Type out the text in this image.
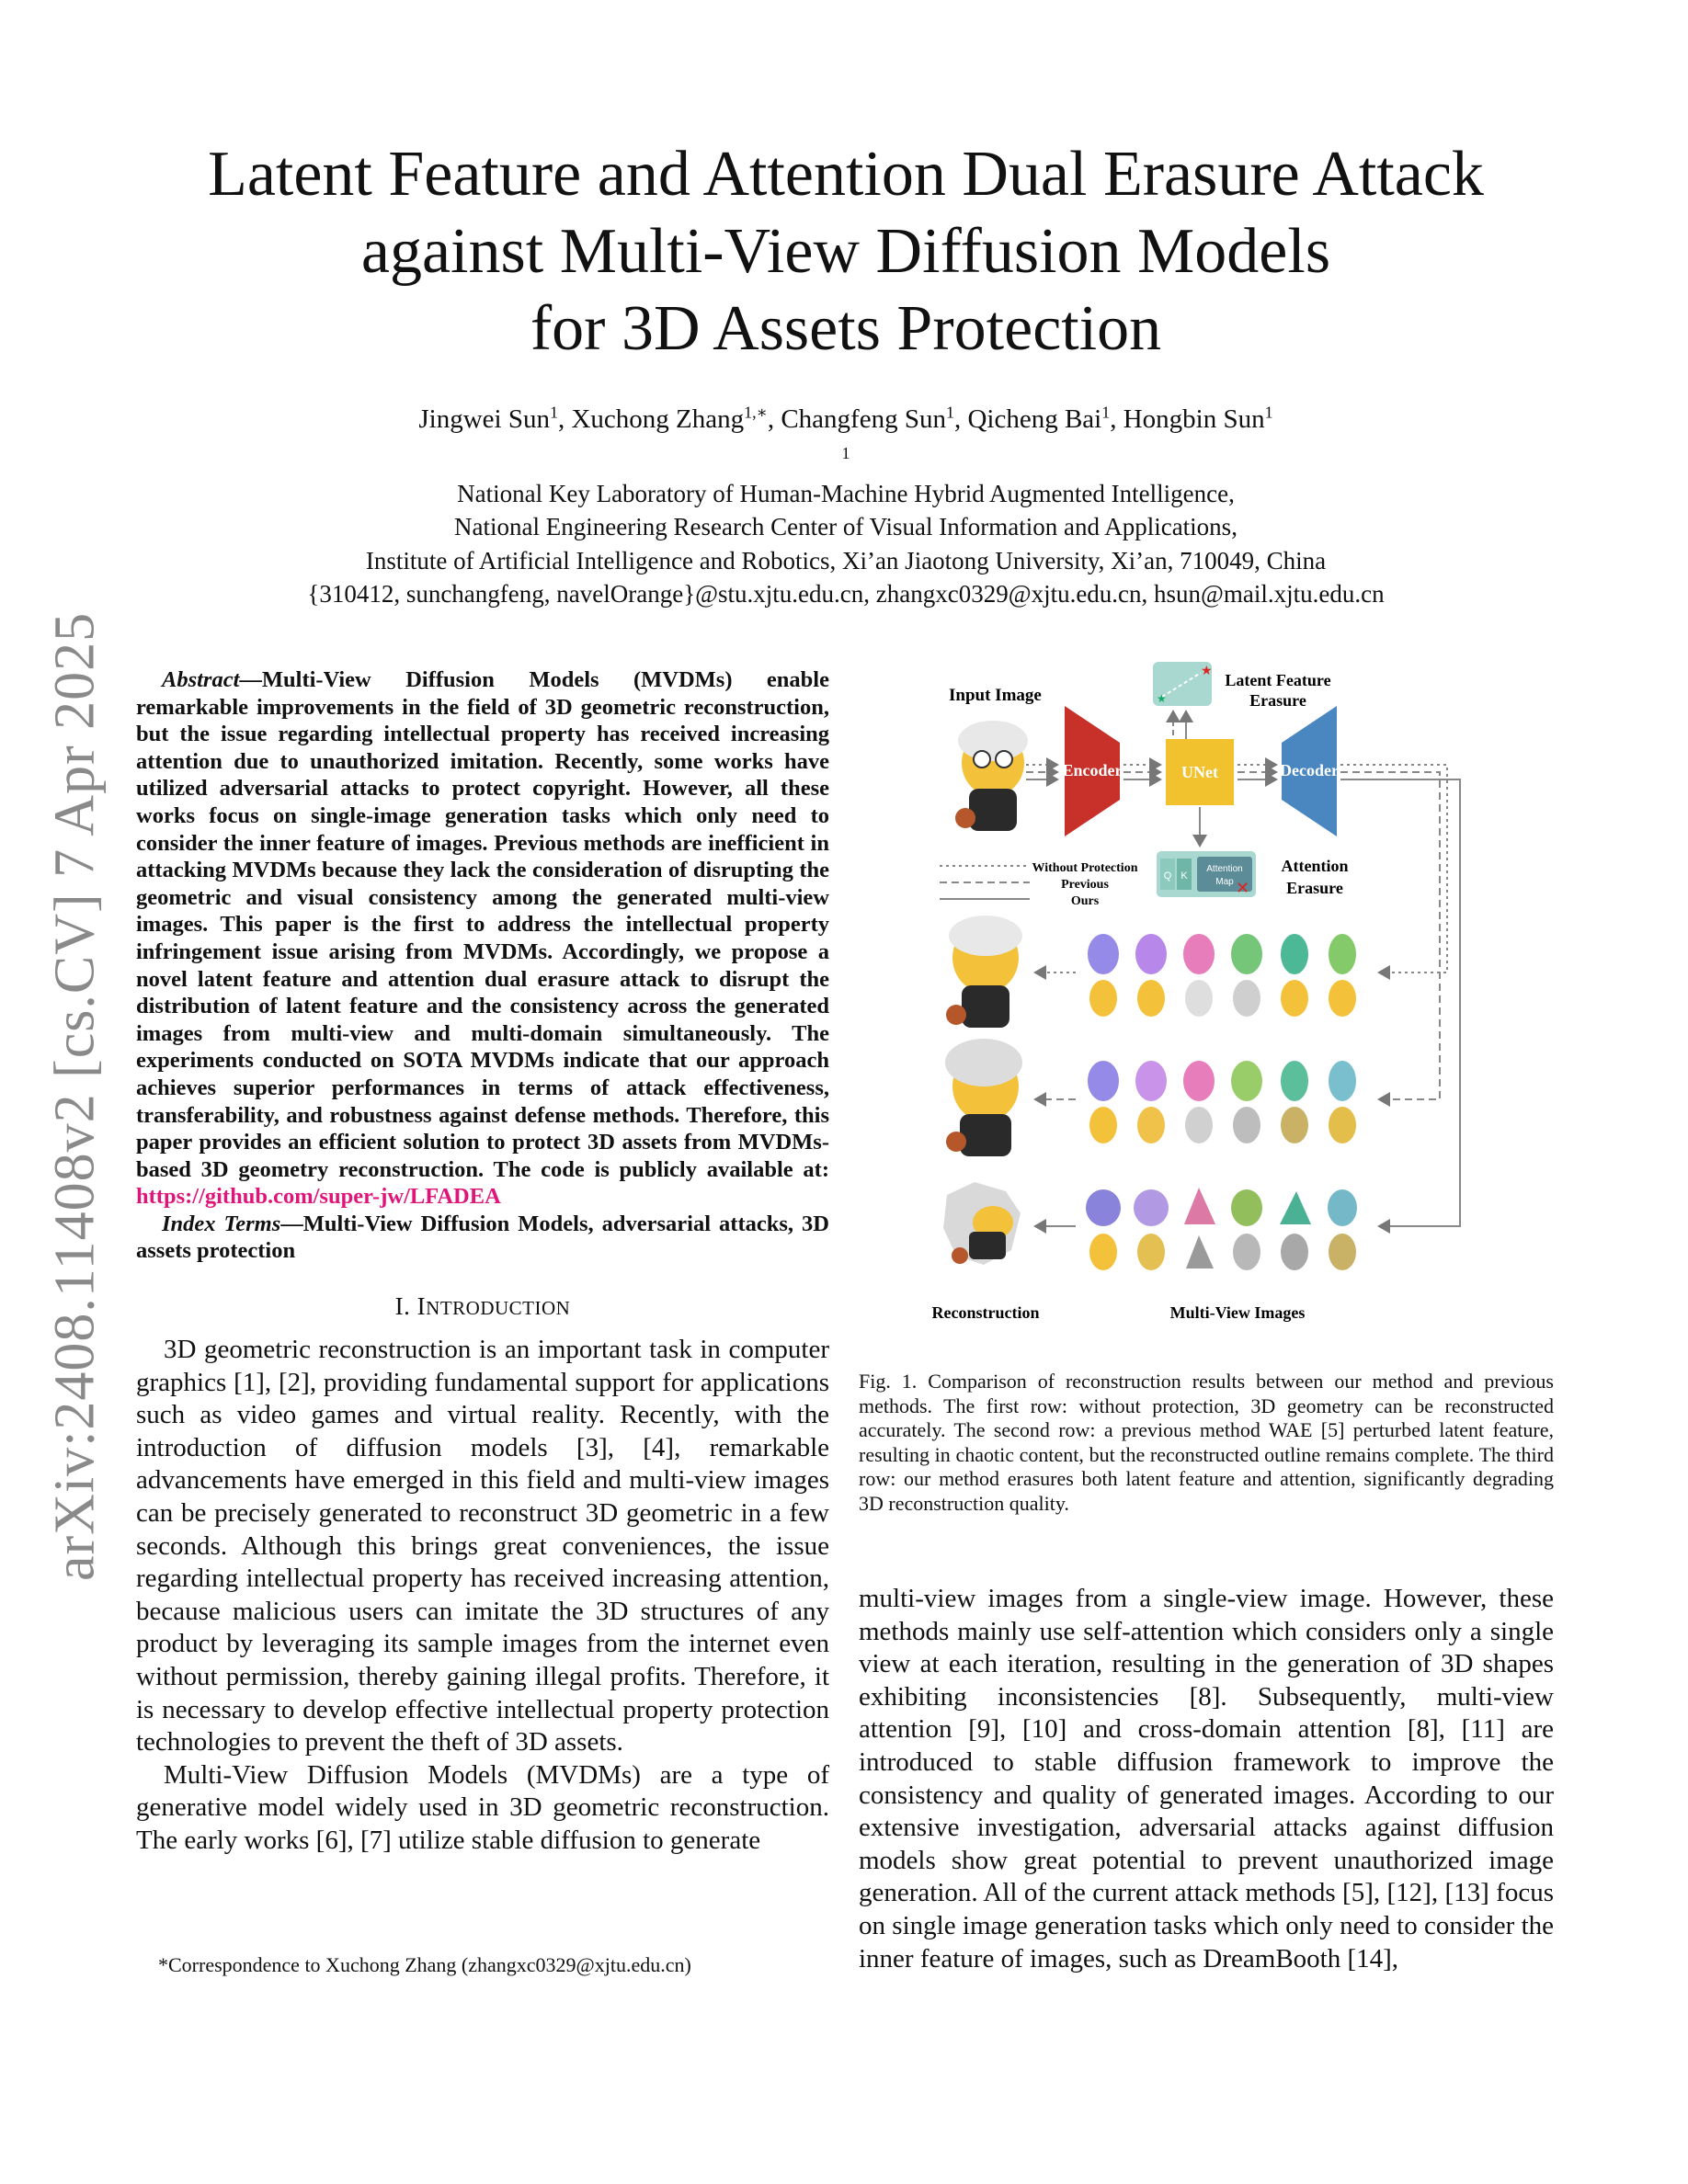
arXiv:2408.11408v2 [cs.CV] 7 Apr 2025
Latent Feature and Attention Dual Erasure Attack
against Multi-View Diffusion Models
for 3D Assets Protection
Jingwei Sun$^1$, Xuchong Zhang$^{1,∗}$, Changfeng Sun$^1$, Qicheng Bai$^1$, Hongbin Sun$^1$
$^1$
National Key Laboratory of Human-Machine Hybrid Augmented Intelligence,
National Engineering Research Center of Visual Information and Applications,
Institute of Artificial Intelligence and Robotics, Xi’an Jiaotong University, Xi’an, 710049, China
{310412, sunchangfeng, navelOrange}@stu.xjtu.edu.cn, zhangxc0329@xjtu.edu.cn, hsun@mail.xjtu.edu.cn
Abstract—Multi-View Diffusion Models (MVDMs) enable remarkable improvements in the field of 3D geometric reconstruction, but the issue regarding intellectual property has received increasing attention due to unauthorized imitation. Recently, some works have utilized adversarial attacks to protect copyright. However, all these works focus on single-image generation tasks which only need to consider the inner feature of images. Previous methods are inefficient in attacking MVDMs because they lack the consideration of disrupting the geometric and visual consistency among the generated multi-view images. This paper is the first to address the intellectual property infringement issue arising from MVDMs. Accordingly, we propose a novel latent feature and attention dual erasure attack to disrupt the distribution of latent feature and the consistency across the generated images from multi-view and multi-domain simultaneously. The experiments conducted on SOTA MVDMs indicate that our approach achieves superior performances in terms of attack effectiveness, transferability, and robustness against defense methods. Therefore, this paper provides an efficient solution to protect 3D assets from MVDMs-based 3D geometry reconstruction. The code is publicly available at: https://github.com/super-jw/LFADEA
Index Terms—Multi-View Diffusion Models, adversarial attacks, 3D assets protection
I. INTRODUCTION

3D geometric reconstruction is an important task in computer graphics [1], [2], providing fundamental support for applications such as video games and virtual reality. Recently, with the introduction of diffusion models [3], [4], remarkable advancements have emerged in this field and multi-view images can be precisely generated to reconstruct 3D geometric in a few seconds. Although this brings great conveniences, the issue regarding intellectual property has received increasing attention, because malicious users can imitate the 3D structures of any product by leveraging its sample images from the internet even without permission, thereby gaining illegal profits. Therefore, it is necessary to develop effective intellectual property protection technologies to prevent the theft of 3D assets.

Multi-View Diffusion Models (MVDMs) are a type of generative model widely used in 3D geometric reconstruction. The early works [6], [7] utilize stable diffusion to generate

*Correspondence to Xuchong Zhang (zhangxc0329@xjtu.edu.cn)
Input Image
Encoder
★
★
Latent Feature
Erasure
UNet	Decoder
Without Protection
Previous
Ours
Q K
Attention
Map ✕
Attention
Erasure
Reconstruction	Multi-View Images
Fig. 1. Comparison of reconstruction results between our method and previous methods. The first row: without protection, 3D geometry can be reconstructed accurately. The second row: a previous method WAE [5] perturbed latent feature, resulting in chaotic content, but the reconstructed outline remains complete. The third row: our method erasures both latent feature and attention, significantly degrading 3D reconstruction quality.

multi-view images from a single-view image. However, these methods mainly use self-attention which considers only a single view at each iteration, resulting in the generation of 3D shapes exhibiting inconsistencies [8]. Subsequently, multi-view attention [9], [10] and cross-domain attention [8], [11] are introduced to stable diffusion framework to improve the consistency and quality of generated images. According to our extensive investigation, adversarial attacks against diffusion models show great potential to prevent unauthorized image generation. All of the current attack methods [5], [12], [13] focus on single image generation tasks which only need to consider the inner feature of images, such as DreamBooth [14],
